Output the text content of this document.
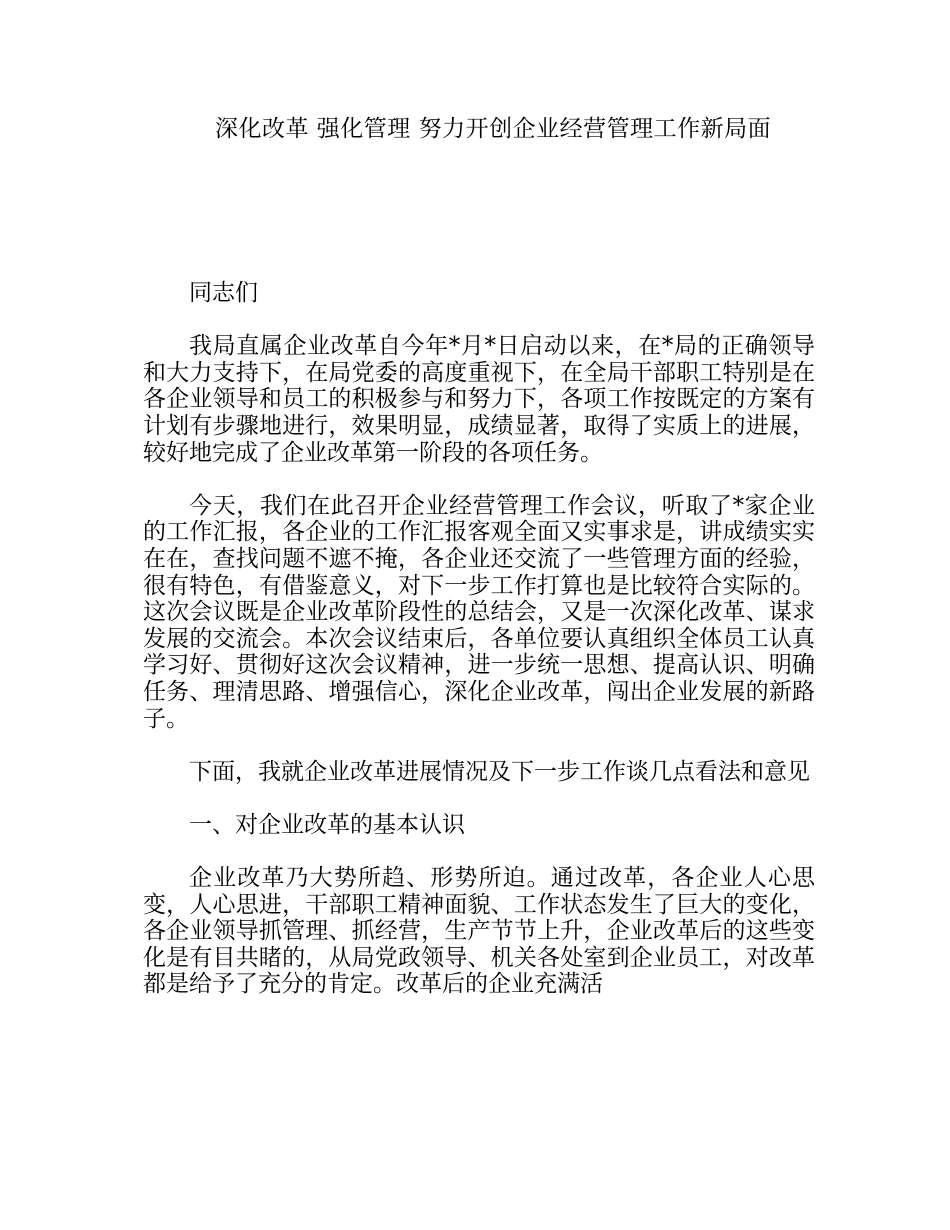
深化改革 强化管理 努力开创企业经营管理工作新局面

同志们

我局直属企业改革自今年*月*日启动以来，在*局的正确领导和大力支持下，在局党委的高度重视下，在全局干部职工特别是在各企业领导和员工的积极参与和努力下，各项工作按既定的方案有计划有步骤地进行，效果明显，成绩显著，取得了实质上的进展，较好地完成了企业改革第一阶段的各项任务。

今天，我们在此召开企业经营管理工作会议，听取了*家企业的工作汇报，各企业的工作汇报客观全面又实事求是，讲成绩实实在在，查找问题不遮不掩，各企业还交流了一些管理方面的经验，很有特色，有借鉴意义，对下一步工作打算也是比较符合实际的。这次会议既是企业改革阶段性的总结会，又是一次深化改革、谋求发展的交流会。本次会议结束后，各单位要认真组织全体员工认真学习好、贯彻好这次会议精神，进一步统一思想、提高认识、明确任务、理清思路、增强信心，深化企业改革，闯出企业发展的新路子。

下面，我就企业改革进展情况及下一步工作谈几点看法和意见

一、对企业改革的基本认识

企业改革乃大势所趋、形势所迫。通过改革，各企业人心思变，人心思进，干部职工精神面貌、工作状态发生了巨大的变化，各企业领导抓管理、抓经营，生产节节上升，企业改革后的这些变化是有目共睹的，从局党政领导、机关各处室到企业员工，对改革都是给予了充分的肯定。改革后的企业充满活
